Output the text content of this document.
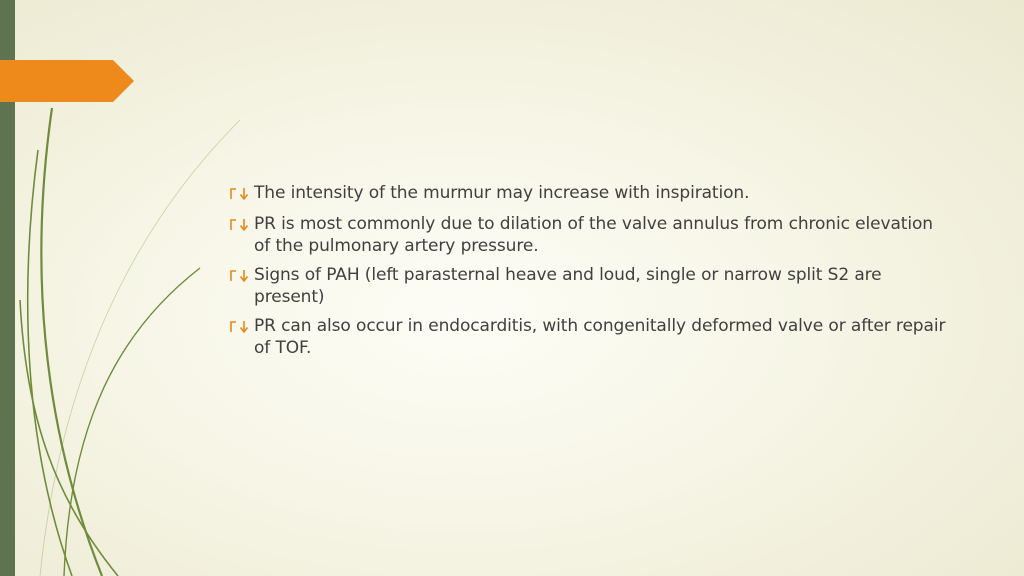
The intensity of the murmur may increase with inspiration.
PR is most commonly due to dilation of the valve annulus from chronic elevation of the pulmonary artery pressure.
Signs of PAH (left parasternal heave and loud, single or narrow split S2 are present)
PR can also occur in endocarditis, with congenitally deformed valve or after repair of TOF.
